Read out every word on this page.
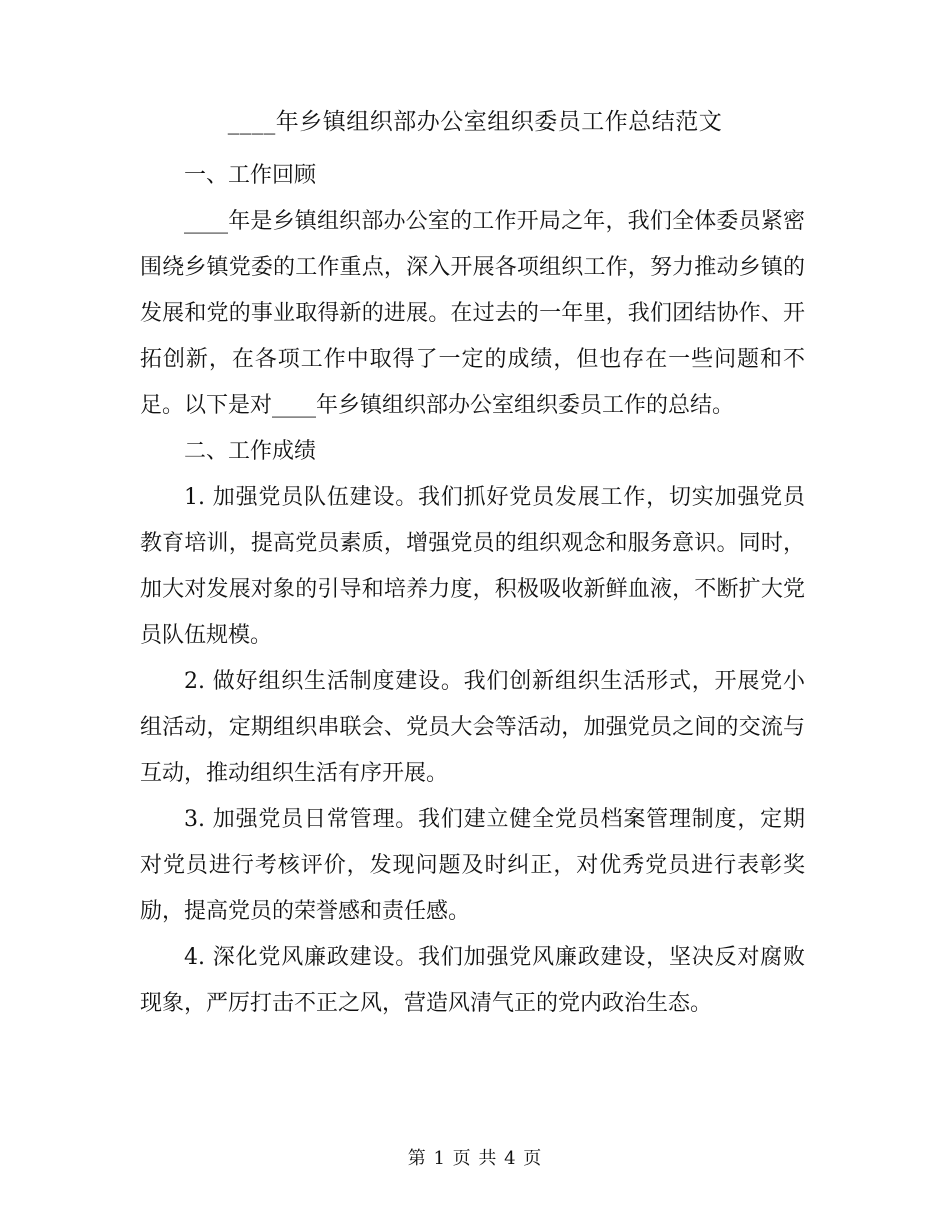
____年乡镇组织部办公室组织委员工作总结范文

一、工作回顾

____年是乡镇组织部办公室的工作开局之年，我们全体委员紧密围绕乡镇党委的工作重点，深入开展各项组织工作，努力推动乡镇的发展和党的事业取得新的进展。在过去的一年里，我们团结协作、开拓创新，在各项工作中取得了一定的成绩，但也存在一些问题和不足。以下是对____年乡镇组织部办公室组织委员工作的总结。

二、工作成绩

1. 加强党员队伍建设。我们抓好党员发展工作，切实加强党员教育培训，提高党员素质，增强党员的组织观念和服务意识。同时，加大对发展对象的引导和培养力度，积极吸收新鲜血液，不断扩大党员队伍规模。

2. 做好组织生活制度建设。我们创新组织生活形式，开展党小组活动，定期组织串联会、党员大会等活动，加强党员之间的交流与互动，推动组织生活有序开展。

3. 加强党员日常管理。我们建立健全党员档案管理制度，定期对党员进行考核评价，发现问题及时纠正，对优秀党员进行表彰奖励，提高党员的荣誉感和责任感。

4. 深化党风廉政建设。我们加强党风廉政建设，坚决反对腐败现象，严厉打击不正之风，营造风清气正的党内政治生态。

第 1 页 共 4 页
